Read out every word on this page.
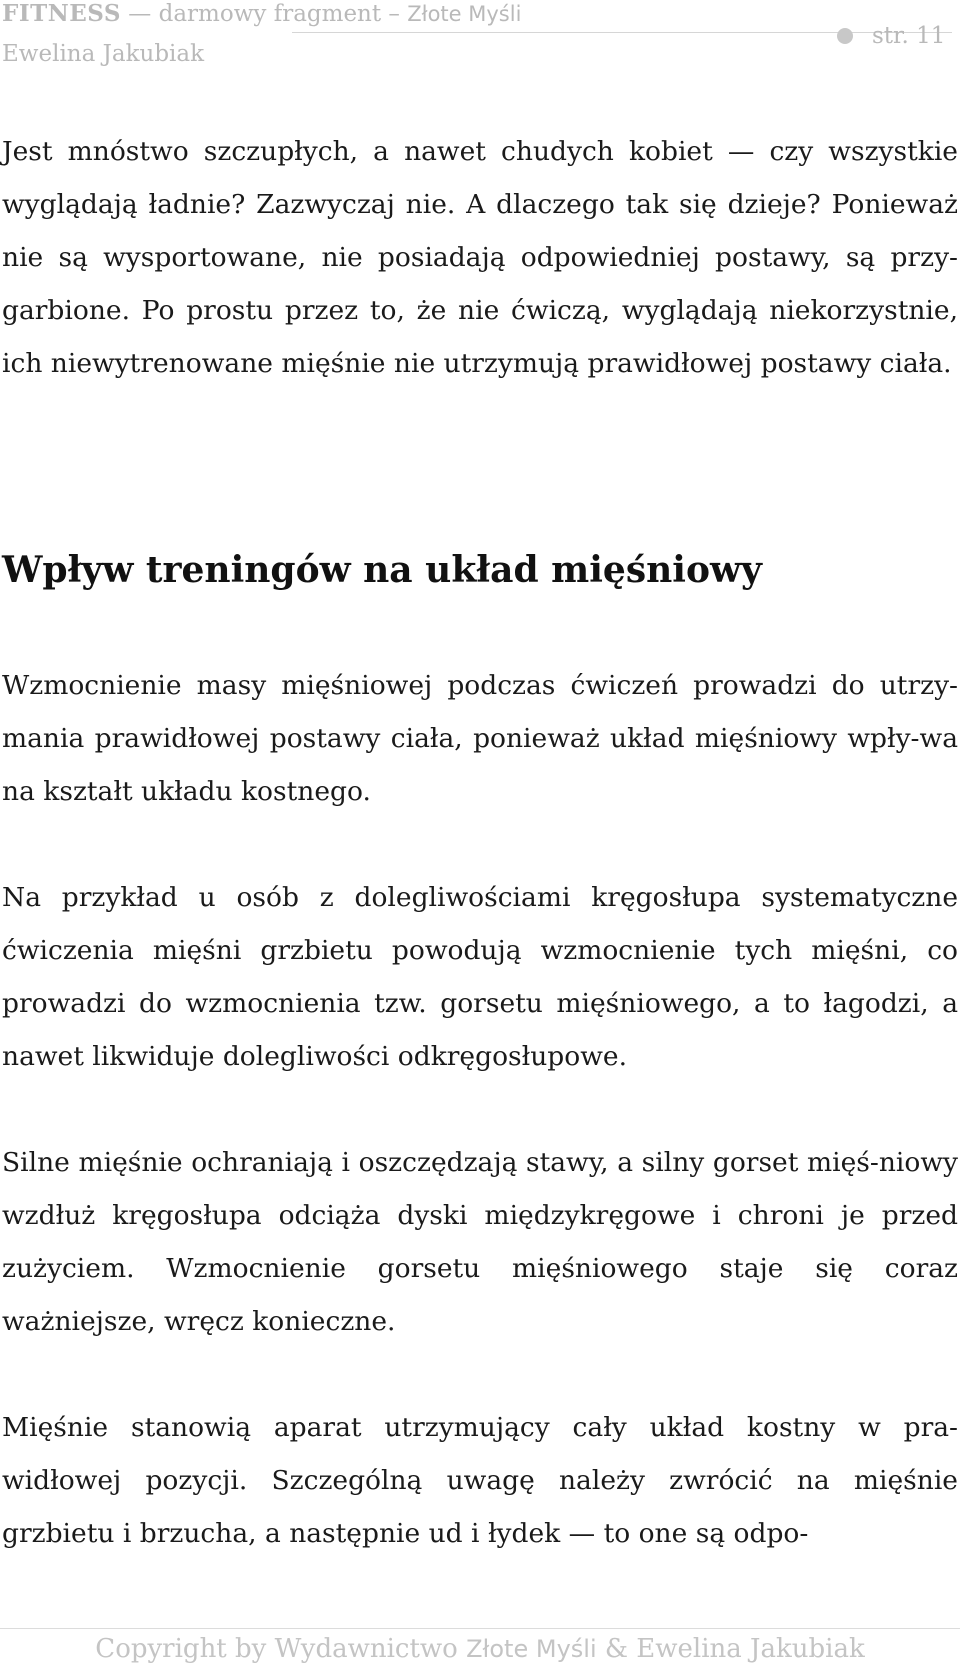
FITNESS — darmowy fragment – Złote Myśli
str. 11
Ewelina Jakubiak

Jest mnóstwo szczupłych, a nawet chudych kobiet — czy wszystkie wyglądają ładnie? Zazwyczaj nie. A dlaczego tak się dzieje? Ponieważ nie są wysportowane, nie posiadają odpowiedniej postawy, są przy-garbione. Po prostu przez to, że nie ćwiczą, wyglądają niekorzystnie, ich niewytrenowane mięśnie nie utrzymują prawidłowej postawy ciała.

Wpływ treningów na układ mięśniowy

Wzmocnienie masy mięśniowej podczas ćwiczeń prowadzi do utrzy-mania prawidłowej postawy ciała, ponieważ układ mięśniowy wpły-wa na kształt układu kostnego.

Na przykład u osób z dolegliwościami kręgosłupa systematyczne ćwiczenia mięśni grzbietu powodują wzmocnienie tych mięśni, co prowadzi do wzmocnienia tzw. gorsetu mięśniowego, a to łagodzi, a nawet likwiduje dolegliwości odkręgosłupowe.

Silne mięśnie ochraniają i oszczędzają stawy, a silny gorset mięś-niowy wzdłuż kręgosłupa odciąża dyski międzykręgowe i chroni je przed zużyciem. Wzmocnienie gorsetu mięśniowego staje się coraz ważniejsze, wręcz konieczne.

Mięśnie stanowią aparat utrzymujący cały układ kostny w pra-widłowej pozycji. Szczególną uwagę należy zwrócić na mięśnie grzbietu i brzucha, a następnie ud i łydek — to one są odpo-

Copyright by Wydawnictwo Złote Myśli & Ewelina Jakubiak
